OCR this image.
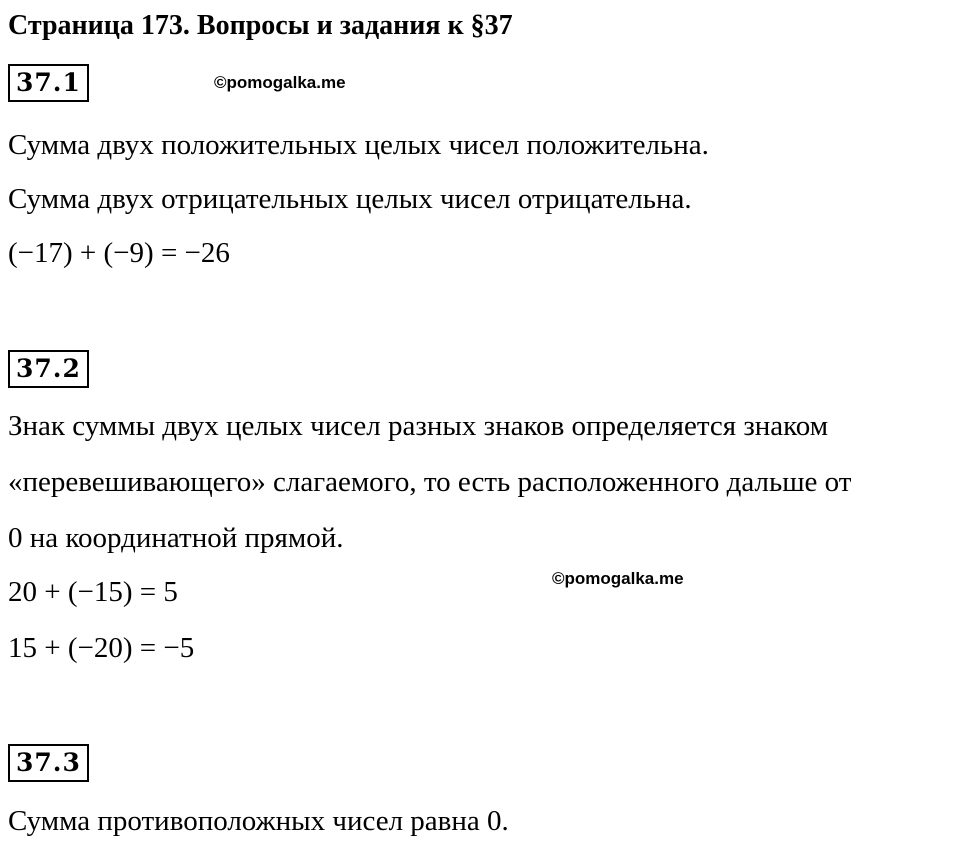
Страница 173. Вопросы и задания к §37
37.1	©pomogalka.me
Сумма двух положительных целых чисел положительна.
Сумма двух отрицательных целых чисел отрицательна.
(−17) + (−9) = −26
37.2
Знак суммы двух целых чисел разных знаков определяется знаком
«перевешивающего» слагаемого, то есть расположенного дальше от
0 на координатной прямой.
©pomogalka.me
20 + (−15) = 5
15 + (−20) = −5
37.3
Сумма противоположных чисел равна 0.
